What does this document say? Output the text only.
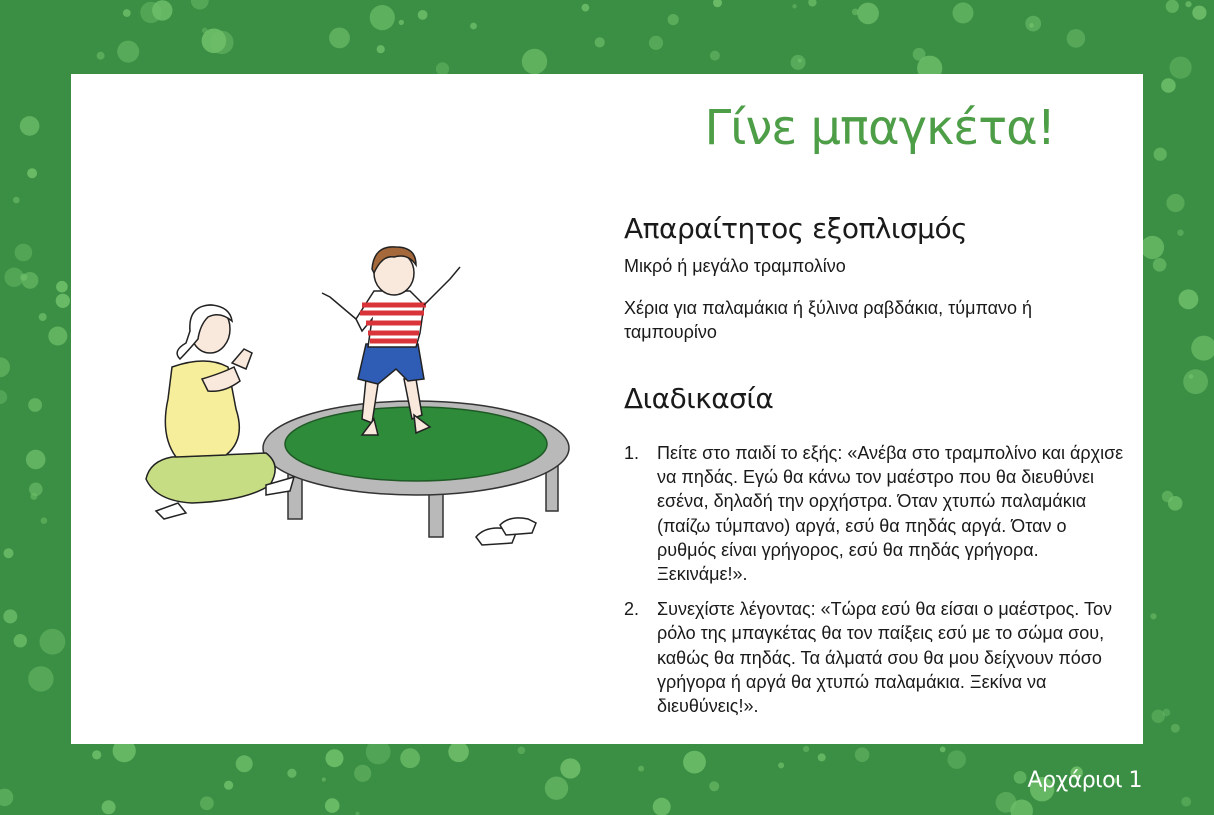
Γίνε μπαγκέτα!
Απαραίτητος εξοπλισμός

Μικρό ή μεγάλο τραμπολίνο

Χέρια για παλαμάκια ή ξύλινα ραβδάκια, τύμπανο ή ταμπουρίνο

Διαδικασία
1. Πείτε στο παιδί το εξής: «Ανέβα στο τραμπολίνο και άρχισε να πηδάς. Εγώ θα κάνω τον μαέστρο που θα διευθύνει εσένα, δηλαδή την ορχήστρα. Όταν χτυπώ παλαμάκια (παίζω τύμπανο) αργά, εσύ θα πηδάς αργά. Όταν ο ρυθμός είναι γρήγορος, εσύ θα πηδάς γρήγορα. Ξεκινάμε!».
2. Συνεχίστε λέγοντας: «Τώρα εσύ θα είσαι ο μαέστρος. Τον ρόλο της μπαγκέτας θα τον παίξεις εσύ με το σώμα σου, καθώς θα πηδάς. Τα άλματά σου θα μου δείχνουν πόσο γρήγορα ή αργά θα χτυπώ παλαμάκια. Ξεκίνα να διευθύνεις!».
Αρχάριοι 1
